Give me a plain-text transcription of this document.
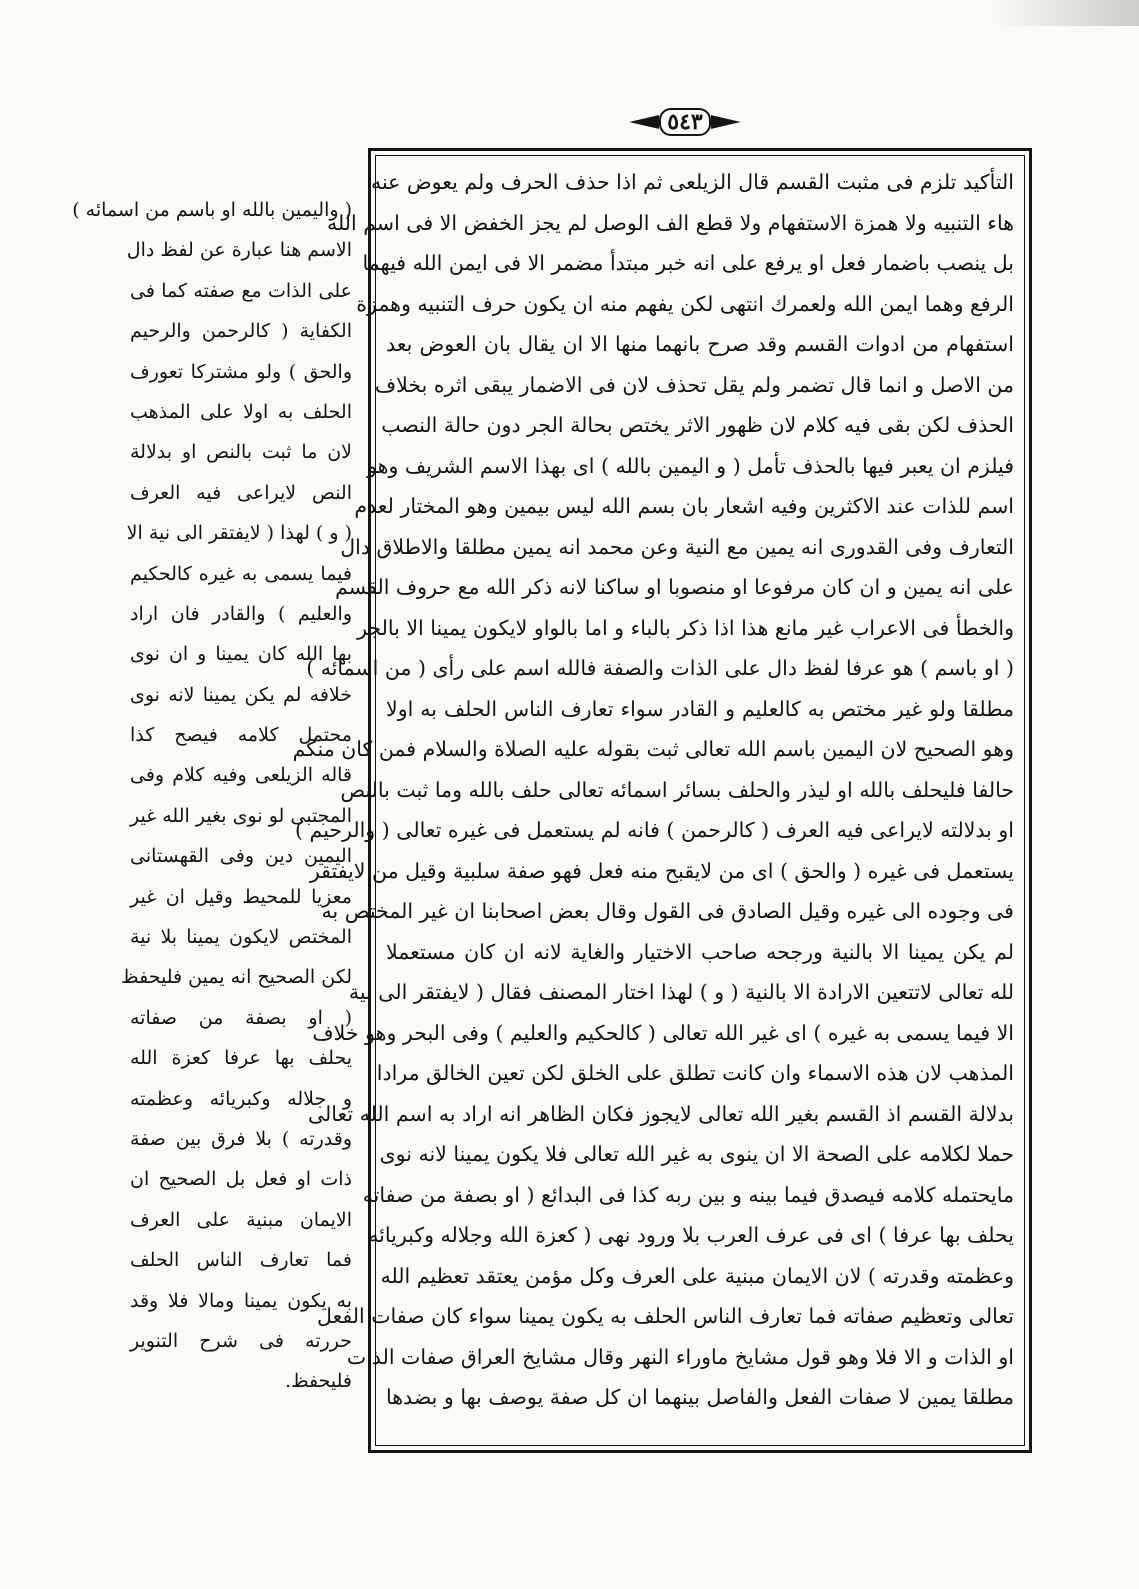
٥٤٣
التأكيد تلزم فى مثبت القسم قال الزيلعى ثم اذا حذف الحرف ولم يعوض عنه
هاء التنبيه ولا همزة الاستفهام ولا قطع الف الوصل لم يجز الخفض الا فى اسم الله
بل ينصب باضمار فعل او يرفع على انه خبر مبتدأ مضمر الا فى ايمن الله فيهما
الرفع وهما ايمن الله ولعمرك انتهى لكن يفهم منه ان يكون حرف التنبيه وهمزة
استفهام من ادوات القسم وقد صرح بانهما منها الا ان يقال بان العوض بعد
من الاصل و انما قال تضمر ولم يقل تحذف لان فى الاضمار يبقى اثره بخلاف
الحذف لكن بقى فيه كلام لان ظهور الاثر يختص بحالة الجر دون حالة النصب
فيلزم ان يعبر فيها بالحذف تأمل ( و اليمين بالله ) اى بهذا الاسم الشريف وهو
اسم للذات عند الاكثرين وفيه اشعار بان بسم الله ليس بيمين وهو المختار لعدم
التعارف وفى القدورى انه يمين مع النية وعن محمد انه يمين مطلقا والاطلاق دال
على انه يمين و ان كان مرفوعا او منصوبا او ساكنا لانه ذكر الله مع حروف القسم
والخطأ فى الاعراب غير مانع هذا اذا ذكر بالباء و اما بالواو لايكون يمينا الا بالجر
( او باسم ) هو عرفا لفظ دال على الذات والصفة فالله اسم على رأى ( من اسمائه )
مطلقا ولو غير مختص به كالعليم و القادر سواء تعارف الناس الحلف به اولا
وهو الصحيح لان اليمين باسم الله تعالى ثبت بقوله عليه الصلاة والسلام فمن كان منكم
حالفا فليحلف بالله او ليذر والحلف بسائر اسمائه تعالى حلف بالله وما ثبت بالنص
او بدلالته لايراعى فيه العرف ( كالرحمن ) فانه لم يستعمل فى غيره تعالى ( والرحيم )
يستعمل فى غيره ( والحق ) اى من لايقبح منه فعل فهو صفة سلبية وقيل من لايفتقر
فى وجوده الى غيره وقيل الصادق فى القول وقال بعض اصحابنا ان غير المختص به
لم يكن يمينا الا بالنية ورجحه صاحب الاختيار والغاية لانه ان كان مستعملا
لله تعالى لاتتعين الارادة الا بالنية ( و ) لهذا اختار المصنف فقال ( لايفتقر الى نية
الا فيما يسمى به غيره ) اى غير الله تعالى ( كالحكيم والعليم ) وفى البحر وهو خلاف
المذهب لان هذه الاسماء وان كانت تطلق على الخلق لكن تعين الخالق مرادا
بدلالة القسم اذ القسم بغير الله تعالى لايجوز فكان الظاهر انه اراد به اسم الله تعالى
حملا لكلامه على الصحة الا ان ينوى به غير الله تعالى فلا يكون يمينا لانه نوى
مايحتمله كلامه فيصدق فيما بينه و بين ربه كذا فى البدائع ( او بصفة من صفاته
يحلف بها عرفا ) اى فى عرف العرب بلا ورود نهى ( كعزة الله وجلاله وكبريائه
وعظمته وقدرته ) لان الايمان مبنية على العرف وكل مؤمن يعتقد تعظيم الله
تعالى وتعظيم صفاته فما تعارف الناس الحلف به يكون يمينا سواء كان صفات الفعل
او الذات و الا فلا وهو قول مشايخ ماوراء النهر وقال مشايخ العراق صفات الذات
مطلقا يمين لا صفات الفعل والفاصل بينهما ان كل صفة يوصف بها و بضدها
( واليمين بالله او باسم من اسمائه )
الاسم هنا عبارة عن لفظ دال
على الذات مع صفته كما فى
الكفاية ( كالرحمن والرحيم
والحق ) ولو مشتركا تعورف
الحلف به اولا على المذهب
لان ما ثبت بالنص او بدلالة
النص لايراعى فيه العرف
( و ) لهذا ( لايفتقر الى نية الا
فيما يسمى به غيره كالحكيم
والعليم ) والقادر فان اراد
بها الله كان يمينا و ان نوى
خلافه لم يكن يمينا لانه نوى
محتمل كلامه فيصح كذا
قاله الزيلعى وفيه كلام وفى
المجتبى لو نوى بغير الله غير
اليمين دين وفى القهستانى
معزيا للمحيط وقيل ان غير
المختص لايكون يمينا بلا نية
لكن الصحيح انه يمين فليحفظ
( او بصفة من صفاته
يحلف بها عرفا كعزة الله
و جلاله وكبريائه وعظمته
وقدرته ) بلا فرق بين صفة
ذات او فعل بل الصحيح ان
الايمان مبنية على العرف
فما تعارف الناس الحلف
به يكون يمينا ومالا فلا وقد
حررته فى شرح التنوير
فليحفظ.
